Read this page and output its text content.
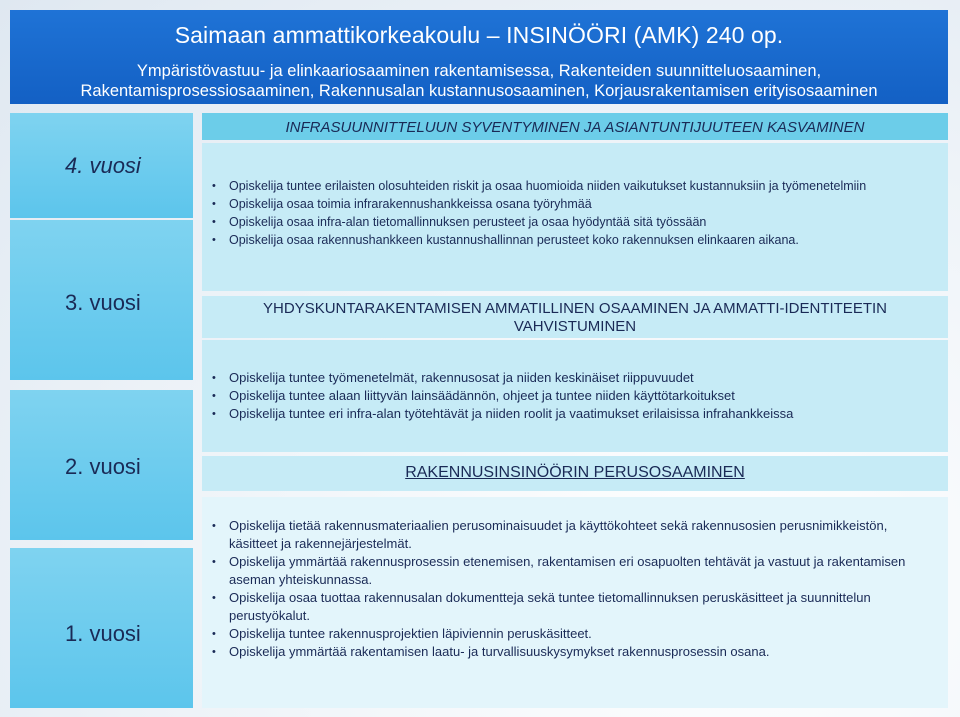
Saimaan ammattikorkeakoulu – INSINÖÖRI (AMK) 240 op.
Ympäristövastuu- ja elinkaariosaaminen rakentamisessa, Rakenteiden suunnitteluosaaminen,
Rakentamisprosessiosaaminen, Rakennusalan kustannusosaaminen, Korjausrakentamisen erityisosaaminen
4. vuosi
3. vuosi
2. vuosi
1. vuosi
INFRASUUNNITTELUUN SYVENTYMINEN JA ASIANTUNTIJUUTEEN KASVAMINEN
• Opiskelija tuntee erilaisten olosuhteiden riskit ja osaa huomioida niiden vaikutukset kustannuksiin ja työmenetelmiin
• Opiskelija osaa toimia infrarakennushankkeissa osana työryhmää
• Opiskelija osaa infra-alan tietomallinnuksen perusteet ja osaa hyödyntää sitä työssään
• Opiskelija osaa rakennushankkeen kustannushallinnan perusteet koko rakennuksen elinkaaren aikana.
YHDYSKUNTARAKENTAMISEN AMMATILLINEN OSAAMINEN JA AMMATTI-IDENTITEETIN
VAHVISTUMINEN
• Opiskelija tuntee työmenetelmät, rakennusosat ja niiden keskinäiset riippuvuudet
• Opiskelija tuntee alaan liittyvän lainsäädännön, ohjeet ja tuntee niiden käyttötarkoitukset
• Opiskelija tuntee eri infra-alan työtehtävät ja niiden roolit ja vaatimukset erilaisissa infrahankkeissa
RAKENNUSINSINÖÖRIN PERUSOSAAMINEN
• Opiskelija tietää rakennusmateriaalien perusominaisuudet ja käyttökohteet sekä rakennusosien perusnimikkeistön, käsitteet ja rakennejärjestelmät.
• Opiskelija ymmärtää rakennusprosessin etenemisen, rakentamisen eri osapuolten tehtävät ja vastuut ja rakentamisen aseman yhteiskunnassa.
• Opiskelija osaa tuottaa rakennusalan dokumentteja sekä tuntee tietomallinnuksen peruskäsitteet ja suunnittelun perustyökalut.
• Opiskelija tuntee rakennusprojektien läpiviennin peruskäsitteet.
• Opiskelija ymmärtää rakentamisen laatu- ja turvallisuuskysymykset rakennusprosessin osana.
